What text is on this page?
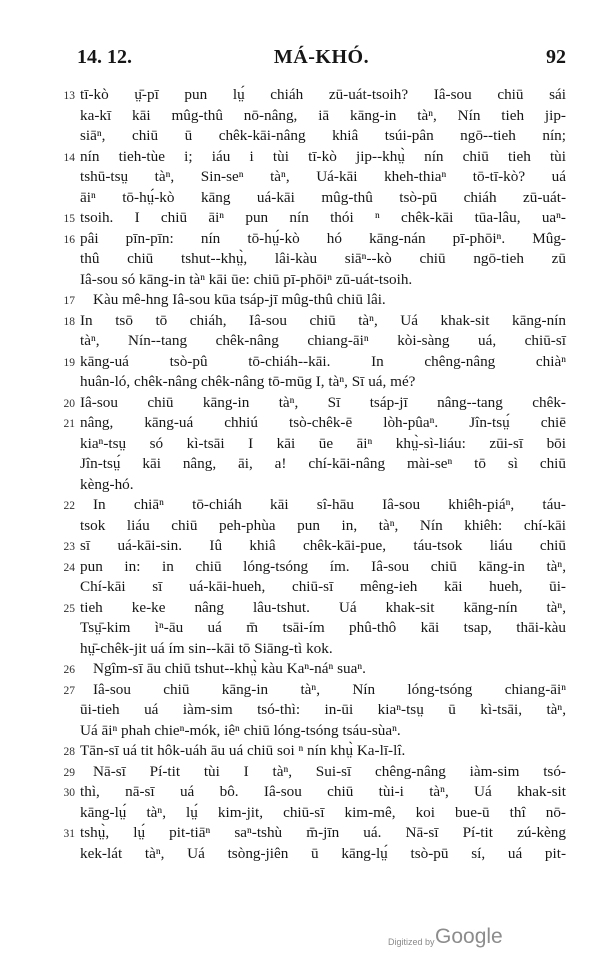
MÁ-KHÓ.
14. 12.	92
13 tī-kò ṳ̄-pī pun lṳ́ chiáh zū-uát-tsoih? Iâ-sou chiū sái
ka-kī kāi mûg-thû nō-nâng, iā kāng-in tàⁿ, Nín tieh jip-
siāⁿ, chiū ū chêk-kāi-nâng khiâ tsúi-pân ngō--tieh nín;
14 nín tieh-tùe i; iáu i tùi tī-kò jip--khṳ̀ nín chiū tieh tùi
tshū-tsṳ tàⁿ, Sin-seⁿ tàⁿ, Uá-kāi kheh-thiaⁿ tō-tī-kò? uá
āiⁿ tō-hṳ́-kò kāng uá-kāi mûg-thû tsò-pū chiáh zū-uát-
15 tsoih. I chiū āiⁿ pun nín thói ⁿ chêk-kāi tūa-lâu, uaⁿ-
16 pâi pīn-pīn: nín tō-hṳ́-kò hó kāng-nán pī-phōiⁿ. Mûg-
thû chiū tshut--khṳ̀, lâi-kàu siāⁿ--kò chiū ngō-tieh zū
Iâ-sou só kāng-in tàⁿ kāi ūe: chiū pī-phōiⁿ zū-uát-tsoih.
17	Kàu mê-hng Iâ-sou kūa tsáp-jī mûg-thû chiū lâi.
18 In tsō tō chiáh, Iâ-sou chiū tàⁿ, Uá khak-sit kāng-nín
tàⁿ, Nín--tang chêk-nâng chiang-āiⁿ kòi-sàng uá, chiū-sī
19 kāng-uá tsò-pû tō-chiáh--kāi. In chêng-nâng chiàⁿ
huân-ló, chêk-nâng chêk-nâng tō-mūg I, tàⁿ, Sī uá, mé?
20 Iâ-sou chiū kāng-in tàⁿ, Sī tsáp-jī nâng--tang chêk-
21 nâng, kāng-uá chhiú tsò-chêk-ē lòh-pûaⁿ. Jîn-tsṳ́ chiē
kiaⁿ-tsṳ só kì-tsāi I kāi ūe āiⁿ khṳ̀-sì-liáu: zūi-sī bōi
Jîn-tsṳ́ kāi nâng, āi, a! chí-kāi-nâng mài-seⁿ tō sì chiū
kèng-hó.
22	In chiāⁿ tō-chiáh kāi sî-hāu Iâ-sou khiêh-piáⁿ, táu-
tsok liáu chiū peh-phùa pun in, tàⁿ, Nín khiêh: chí-kāi
23 sī uá-kāi-sin. Iû khiâ chêk-kāi-pue, táu-tsok liáu chiū
24 pun in: in chiū lóng-tsóng ím. Iâ-sou chiū kāng-in tàⁿ,
Chí-kāi sī uá-kāi-hueh, chiū-sī mêng-ieh kāi hueh, ūi-
25 tieh ke-ke nâng lâu-tshut. Uá khak-sit kāng-nín tàⁿ,
Tsṳ̄-kim ìⁿ-āu uá m̄ tsāi-ím phû-thô kāi tsap, thāi-kàu
hṳ̄-chêk-jit uá ím sin--kāi tō Siāng-tì kok.
26	Ngîm-sī āu chiū tshut--khṳ̀ kàu Kaⁿ-náⁿ suaⁿ.
27	Iâ-sou chiū kāng-in tàⁿ, Nín lóng-tsóng chiang-āiⁿ
ūi-tieh uá iàm-sim tsó-thì: in-ūi kiaⁿ-tsṳ ū kì-tsāi, tàⁿ,
Uá āiⁿ phah chieⁿ-mók, iêⁿ chiū lóng-tsóng tsáu-sùaⁿ.
28 Tān-sī uá tit hôk-uáh āu uá chiū soi ⁿ nín khṳ̀ Ka-lī-lî.
29	Nā-sī Pí-tit tùi I tàⁿ, Sui-sī chêng-nâng iàm-sim tsó-
30 thì, nā-sī uá bô. Iâ-sou chiū tùi-i tàⁿ, Uá khak-sit
kāng-lṳ́ tàⁿ, lṳ́ kim-jit, chiū-sī kim-mê, koi bue-ū thî nō-
31 tshṳ̀, lṳ́ pit-tiāⁿ saⁿ-tshù m̄-jīn uá. Nā-sī Pí-tit zú-kèng
kek-lát tàⁿ, Uá tsòng-jiên ū kāng-lṳ́ tsò-pū sí, uá pit-
Digitized by Google
